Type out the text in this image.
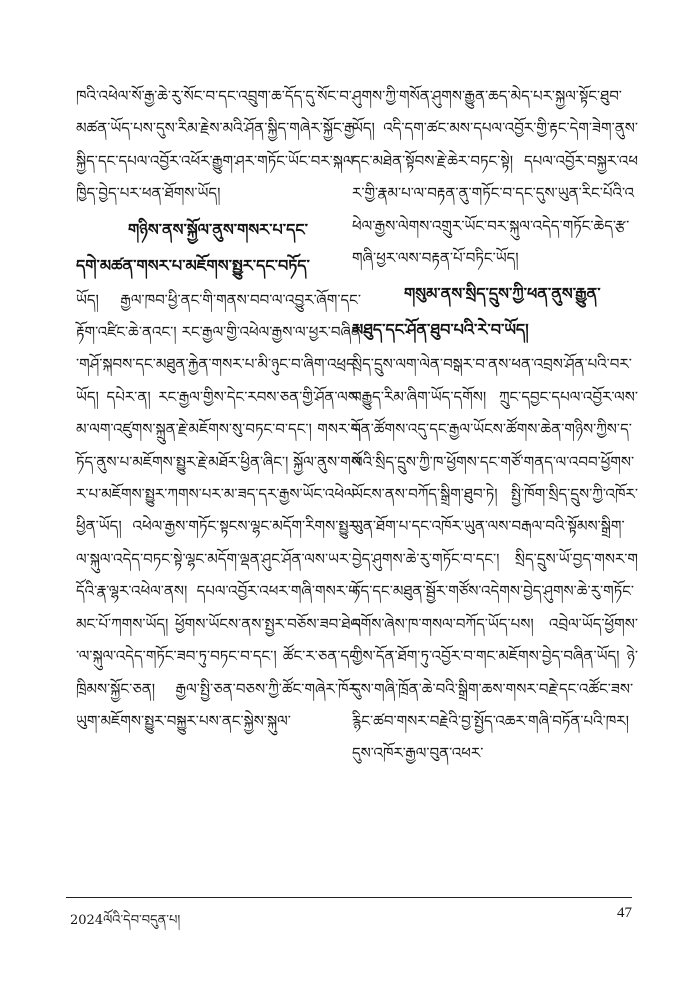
ཁའི་འཕེལ་སོ་རྒྱ་ཆེ་རུ་སོང་བ་དང་འབྲུག་ཆ་དོད་དུ་སོང་བ་མཚན་ཡོད་པས་དུས་རིམ་རྗེས་མའི་ཤོན་སྐྱིད་གཞེར་སྐྱོང་རྒྱ་སྐྱིད་དང་དཔལ་འབྱོར་འཕོར་རྒྱུག་ཤར་གཏོང་ཡོང་བར་སྐལ་ཁྱིད་བྱེད་པར་ཕན་ཐོགས་ཡོད།

གཉིས་ནས་སྐྱོལ་ནུས་གསར་པ་དང་
དགེ་མཚན་གསར་པ་མཇོགས་སྤྱུར་དང་བཏོད་

ཡོད། རྒྱལ་ཁབ་ཕྱི་ནང་གི་གནས་བབ་ལ་འབྱུར་ཞོག་དང་རྟོག་འཛིང་ཆེ་ནའང་། རང་རྒྱལ་གྱི་འཕེལ་རྒྱས་ལ་ཕྱར་བཞིན་གཤོ་སྐབས་དང་མཐུན་རྐྱེན་གསར་པ་མི་ཉུང་བ་ཞིག་འཕྲད་ཡོད། དཔེར་ན། རང་རྒྱལ་གྱིས་དེང་རབས་ཅན་གྱི་ཤོན་ལས་མ་ལག་འཛུགས་སྐྲུན་རྗེ་མཇོགས་སུ་བཏང་བ་དང་། གསར་གཏོད་ནུས་པ་མཇོགས་སྤྱུར་རྗེ་མཐོར་ཕྱིན་ཞིང་། སྐྱོལ་ནུས་གསར་པ་མཇོགས་སྤྱུར་ཀགས་པར་མ་ཟད་དར་རྒྱས་ཡོང་འཕེལ་ཕྱིན་ཡོད། འཕེལ་རྒྱས་གཏོང་སྟངས་ལྷང་མདོག་རིགས་སྤྱུར་ལ་སྐུལ་འདེད་བཏང་སྟེ་ལྷང་མདོག་ལྡན་ཤུང་ཤོན་ལས་ཡར་དོའི་རྣ་ལྷར་འཕེལ་ནས། དཔལ་འབྱོར་འཕར་གཞི་གསར་པ་མང་པོ་ཀགས་ཡོད། ཕྱོགས་ཡོངས་ནས་སྤྱར་བཅོས་ཟབ་ཐེལ་ལ་སྐུལ་འདེད་གཏོང་ཟབ་ཏུ་བཏང་བ་དང་། ཚོང་ར་ཅན་དང་ཁྲིམས་སྐྱོང་ཅན། རྒྱལ་སྤྱི་ཅན་བཅས་ཀྱི་ཚོང་གཞེར་ཁོར་ཡུག་མཇོགས་སྤྱུར་བསྐྱུར་པས་ནང་སྐྱེས་སྐུལ་

ཤུགས་ཀྱི་གསོན་ཤུགས་རྒྱུན་ཆད་མེད་པར་སྐྱལ་སྟོང་ཐུབ་ཡོད། འདི་དག་ཚང་མས་དཔལ་འབྱོར་གྱི་རྟང་དེག་ཟེག་ནུས་དང་མཐེན་སྟོབས་རྗེ་ཆེར་བཏང་སྟེ། དཔལ་འབྱོར་བསྐྱར་འཕར་གྱི་རྣམ་པ་ལ་བརྟན་ནུ་གཏོང་བ་དང་དུས་ཡུན་རིང་པོའི་འཕེལ་རྒྱས་ལེགས་འགྲུར་ཡོང་བར་སྐུལ་འདེད་གཏོང་ཆེད་རྩ་གཞི་ཕྱར་ལས་བརྟན་པོ་བཏིང་ཡོད།

གསུམ་ནས་སྲིད་དྲུས་ཀྱི་ཕན་ནུས་རྒྱུན་
མཐུད་དང་ཤོན་ཐུབ་པའི་རེ་བ་ཡོད།

སྲིད་དྲུས་ལག་ལེན་བསྒར་བ་ནས་ཕན་འབྲས་ཤོན་པའི་བར་བརྒྱུད་རིམ་ཞིག་ཡོད་དགོས། ཀྲུང་དབྱང་དཔལ་འབྱོར་ལས་དོན་ཚོགས་འདུ་དང་རྒྱལ་ཡོངས་ཚོགས་ཆེན་གཉིས་ཀྱིས་ད་ལོའི་སྲིད་དྲུས་ཀྱི་ཁ་ཕྱོགས་དང་གཙོ་གནད་ལ་འབབ་ཕྱོགས་ཡོངས་ནས་བཀོད་སྒྲིག་ཐུབ་ཏེ། སྤྱི་ཁོག་སྲིད་དྲུས་ཀྱི་འཁོར་ཡུན་ཐོག་པ་དང་འཁོར་ཡུན་ལས་བརྒལ་བའི་སྟོམས་སྒྲིག་བྱེད་ཤུགས་ཆེ་རུ་གཏོང་བ་དང་། སྲིད་དྲུས་ཡོ་བྱད་གསར་གཏོད་དང་མཐུན་སྦྱོར་གཙོས་འདེགས་བྱེད་ཤུགས་ཆེ་རུ་གཏོང་དགོས་ཞེས་ཁ་གསལ་བཀོད་ཡོད་པས། འབྲེལ་ཡོད་ཕྱོགས་ཀྱིས་དོན་ཐོག་ཏུ་འབྱོར་བ་གང་མཇོགས་བྱེད་བཞིན་ཡོད། ཉེ་དུས་གཞི་ཁྲོན་ཆེ་བའི་སྒྲིག་ཆས་གསར་བརྗེ་དང་འཚོང་ཟས་རྙིང་ཚབ་གསར་བརྗེའི་བྱ་སྤྱོད་འཆར་གཞི་བཏོན་པའི་ཁར། དུས་འཁོར་རྒྱལ་བུན་འཕར་

2024ལོའི་དེབ་བདུན་པ།	47
